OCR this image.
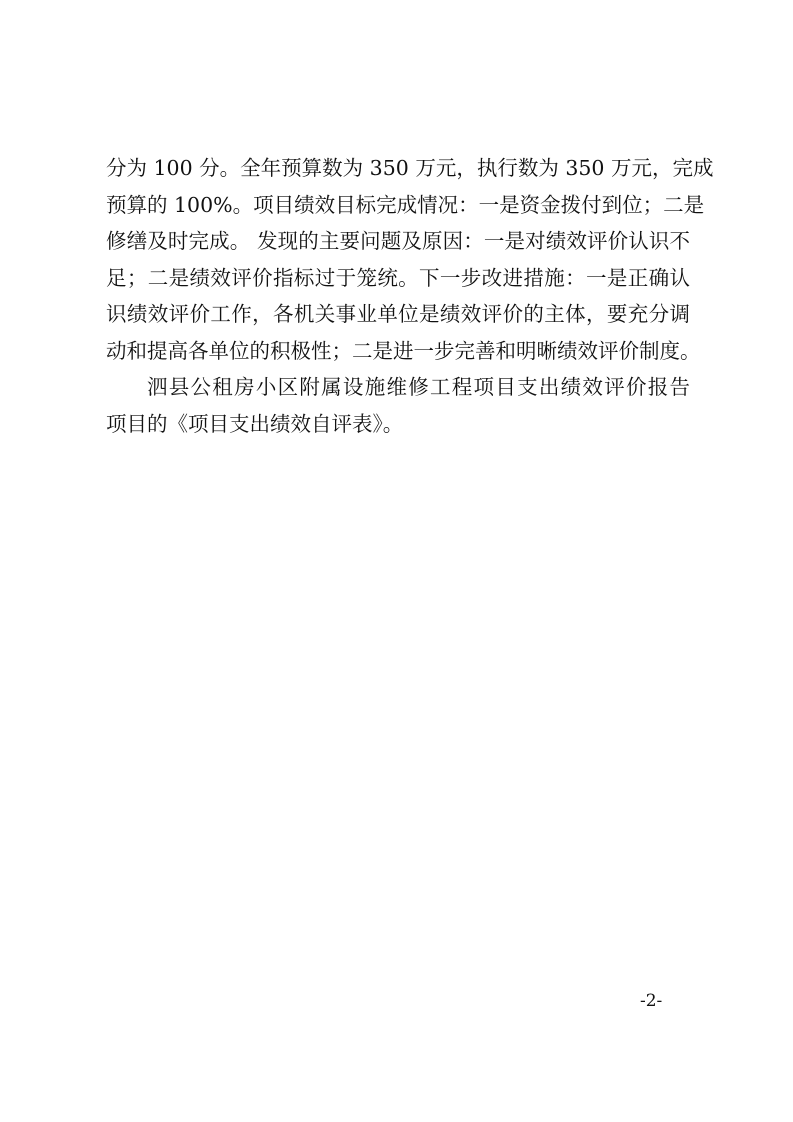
分为 100 分。全年预算数为 350 万元，执行数为 350 万元，完成
预算的 100%。项目绩效目标完成情况：一是资金拨付到位；二是
修缮及时完成。 发现的主要问题及原因：一是对绩效评价认识不
足；二是绩效评价指标过于笼统。下一步改进措施：一是正确认
识绩效评价工作，各机关事业单位是绩效评价的主体，要充分调
动和提高各单位的积极性；二是进一步完善和明晰绩效评价制度。
泗县公租房小区附属设施维修工程项目支出绩效评价报告
项目的《项目支出绩效自评表》。
-2-
